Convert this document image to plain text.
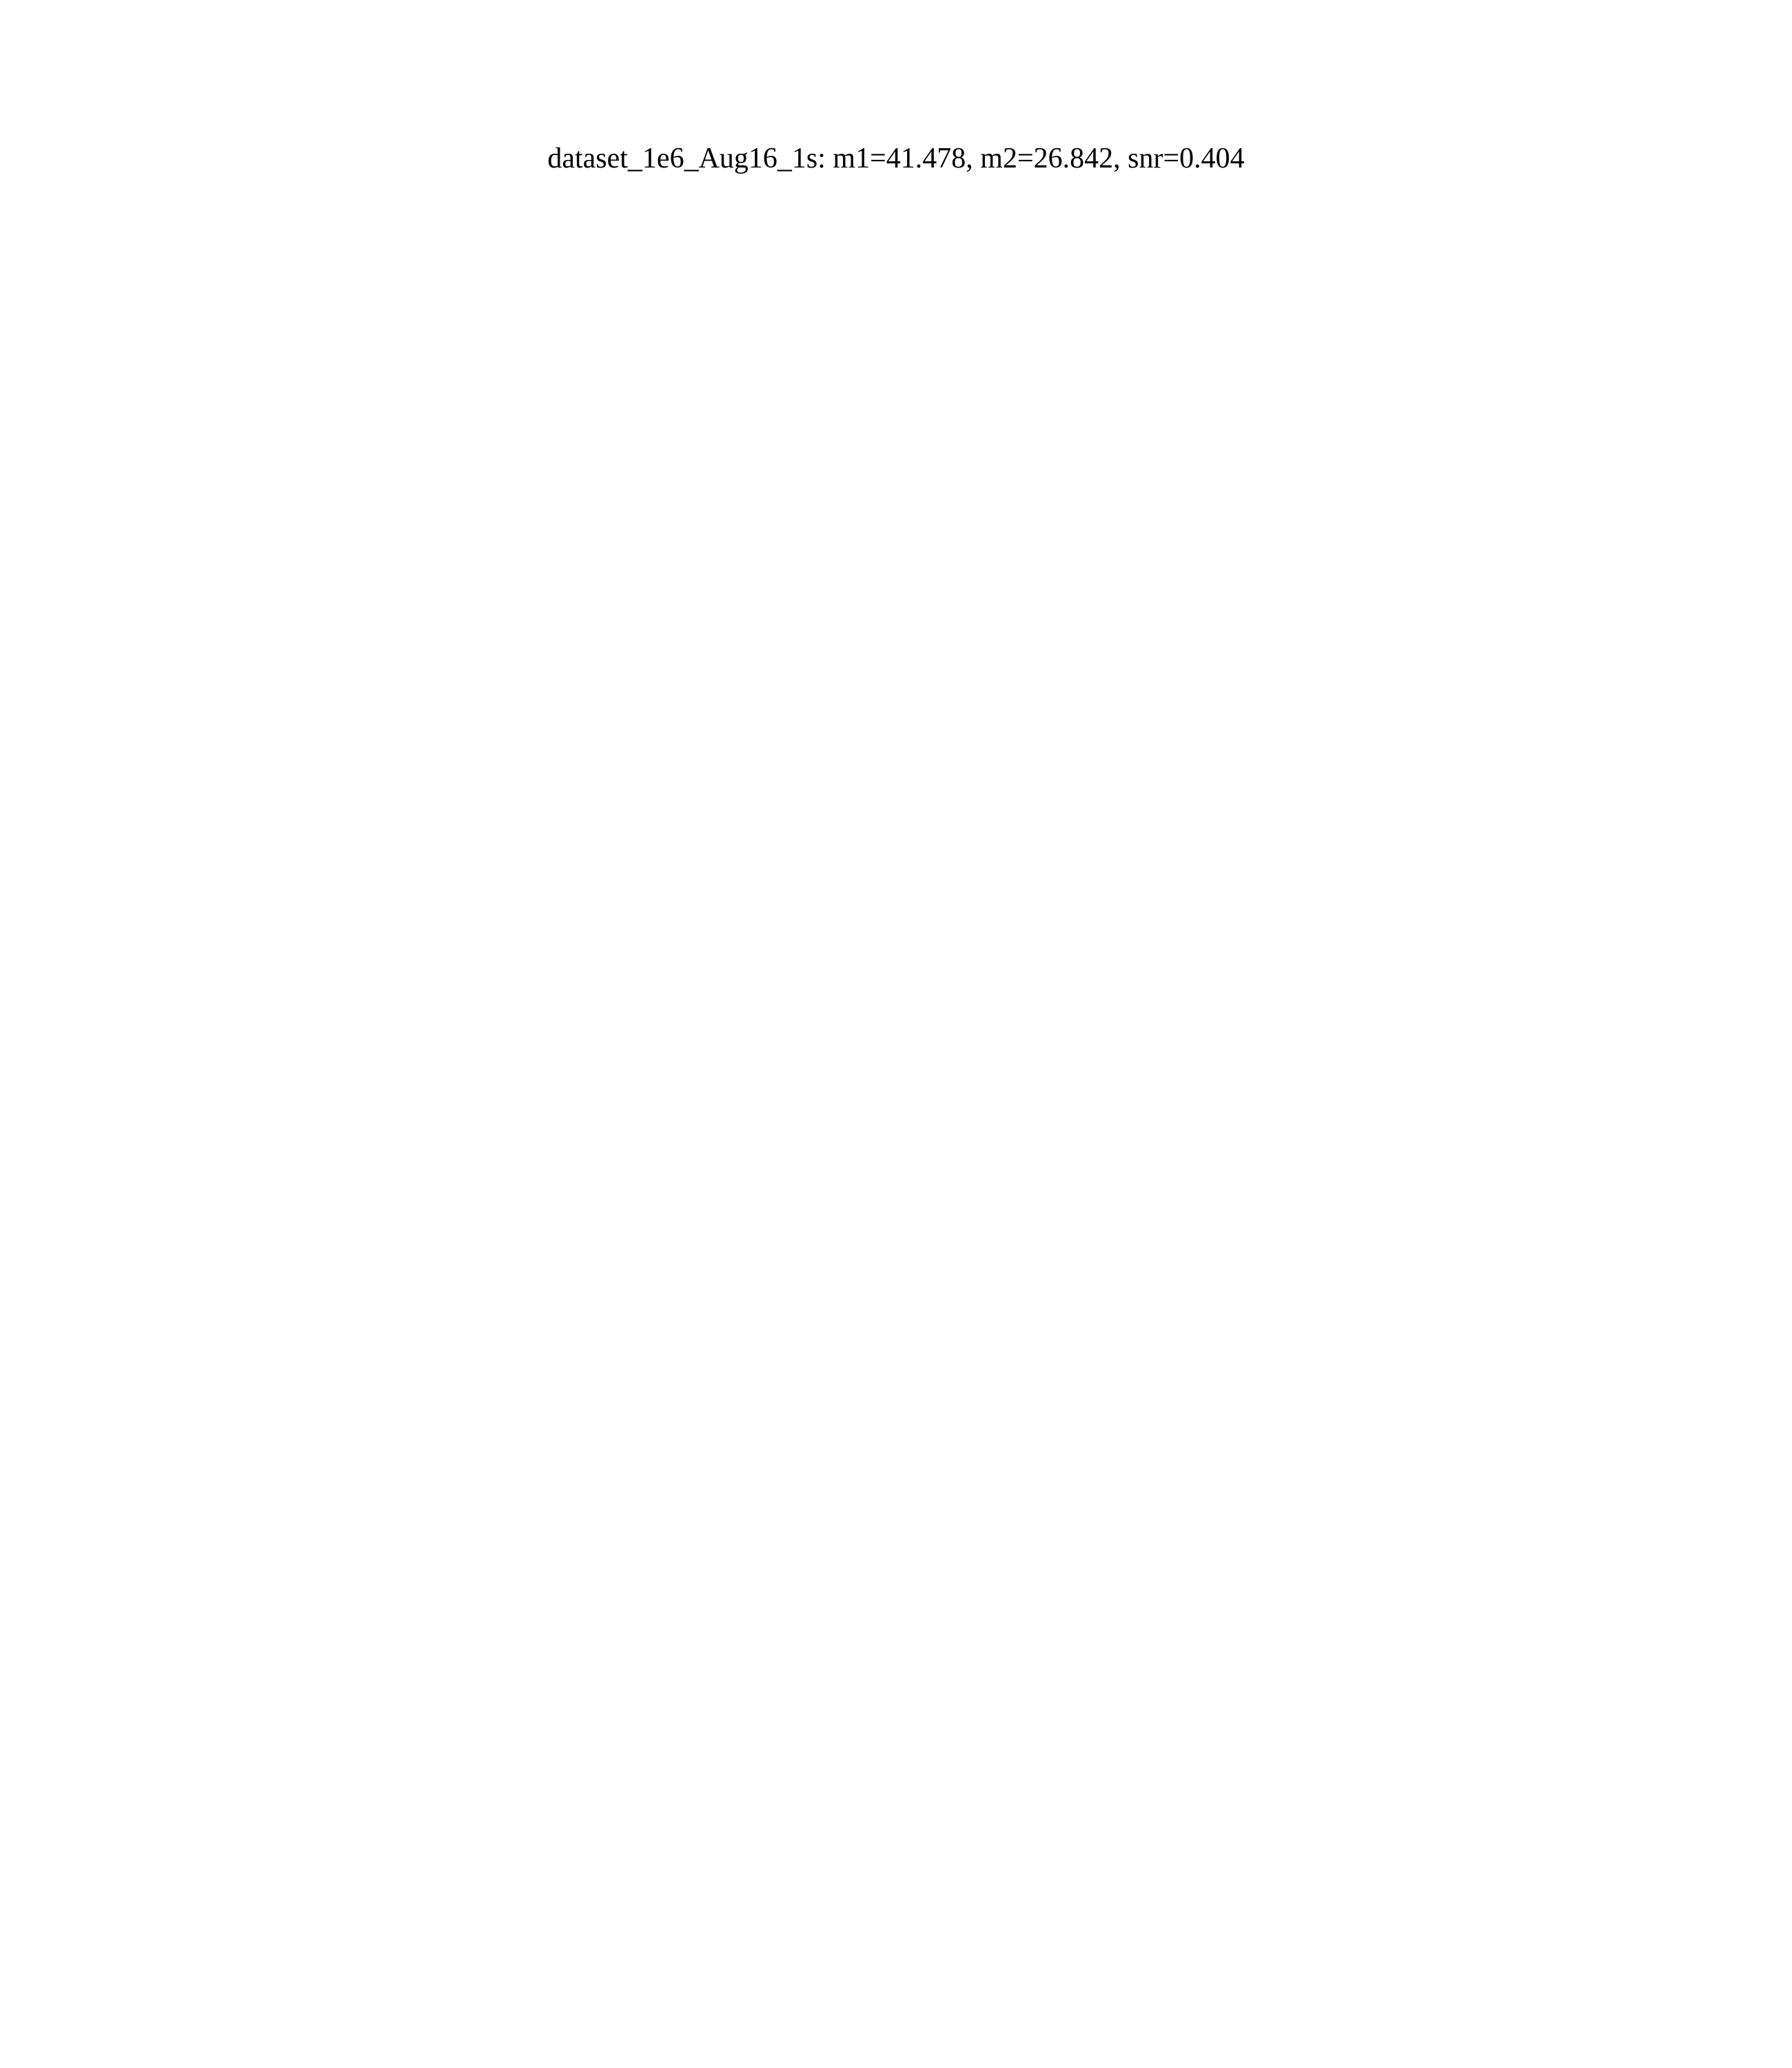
dataset_1e6_Aug16_1s: m1=41.478, m2=26.842, snr=0.404
